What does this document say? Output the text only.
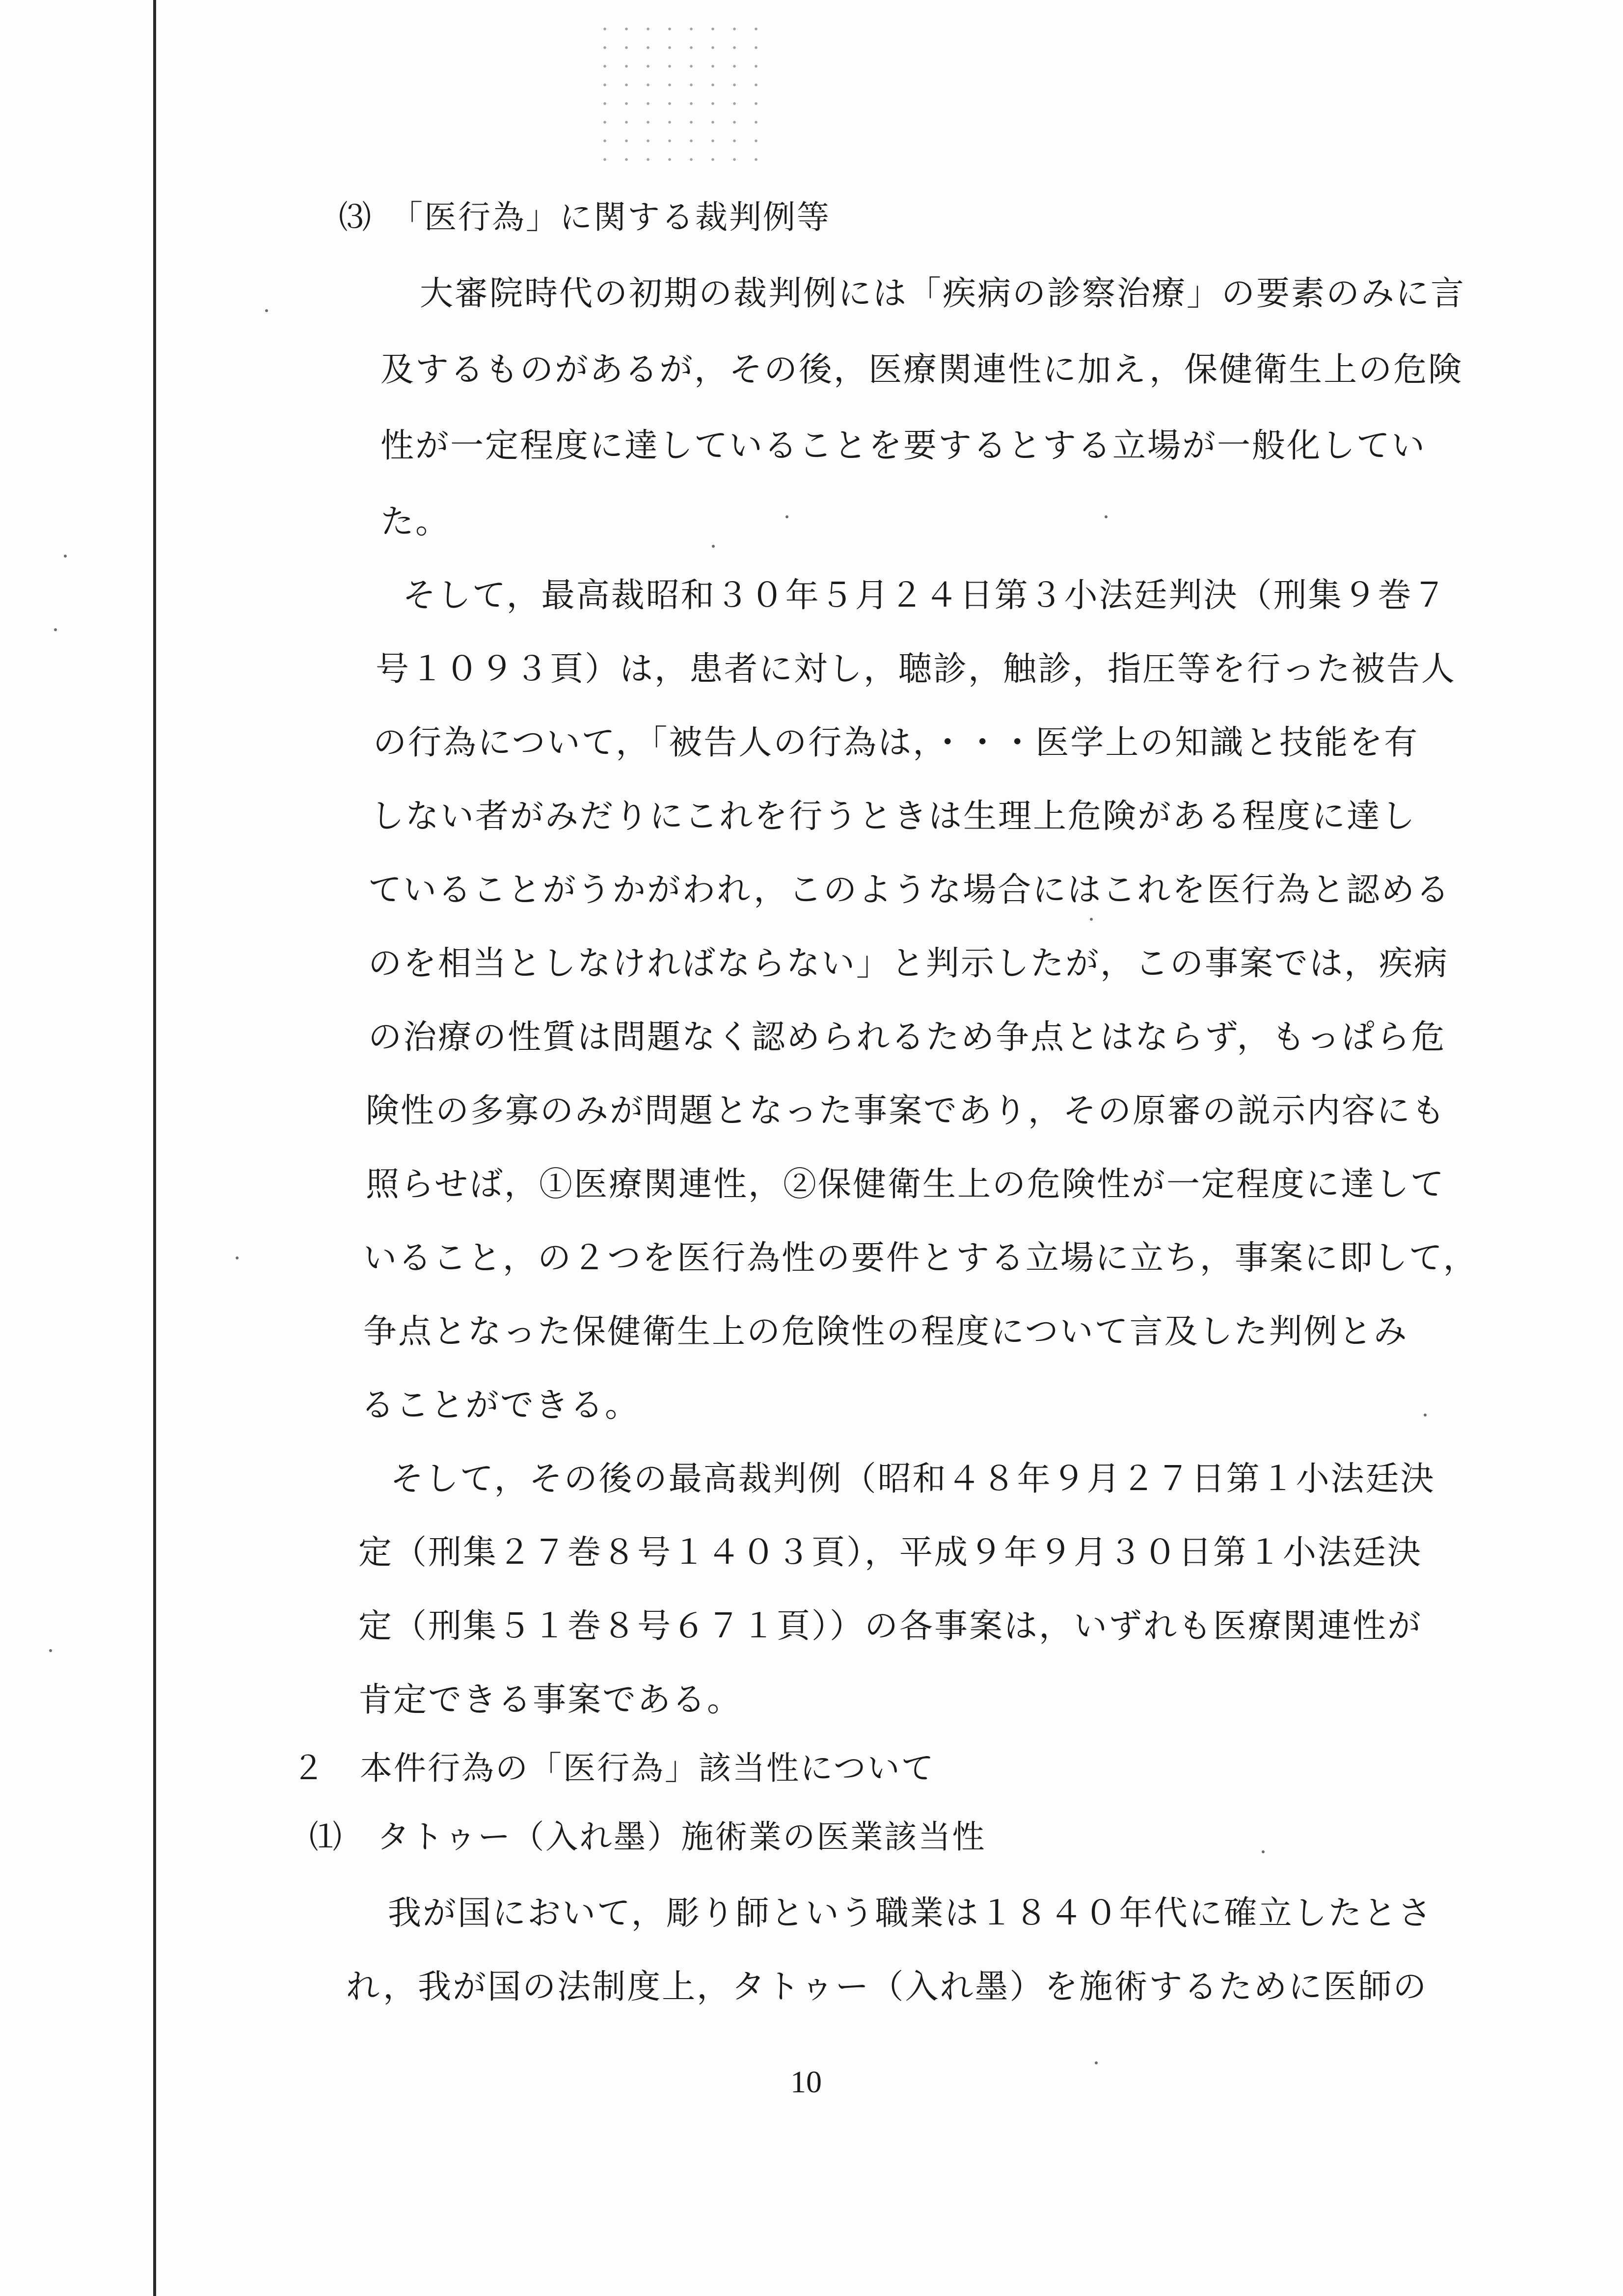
⑶　「医行為」に関する裁判例等
大審院時代の初期の裁判例には「疾病の診察治療」の要素のみに言
及するものがあるが，その後，医療関連性に加え，保健衛生上の危険
性が一定程度に達していることを要するとする立場が一般化してい
た。
そして，最高裁昭和３０年５月２４日第３小法廷判決（刑集９巻７
号１０９３頁）は，患者に対し，聴診，触診，指圧等を行った被告人
の行為について，「被告人の行為は，・・・医学上の知識と技能を有
しない者がみだりにこれを行うときは生理上危険がある程度に達し
ていることがうかがわれ，このような場合にはこれを医行為と認める
のを相当としなければならない」と判示したが，この事案では，疾病
の治療の性質は問題なく認められるため争点とはならず，もっぱら危
険性の多寡のみが問題となった事案であり，その原審の説示内容にも
照らせば，①医療関連性，②保健衛生上の危険性が一定程度に達して
いること，の２つを医行為性の要件とする立場に立ち，事案に即して，
争点となった保健衛生上の危険性の程度について言及した判例とみ
ることができる。
そして，その後の最高裁判例（昭和４８年９月２７日第１小法廷決
定（刑集２７巻８号１４０３頁），平成９年９月３０日第１小法廷決
定（刑集５１巻８号６７１頁））の各事案は，いずれも医療関連性が
肯定できる事案である。
２　本件行為の「医行為」該当性について
⑴　タトゥー（入れ墨）施術業の医業該当性
我が国において，彫り師という職業は１８４０年代に確立したとさ
れ，我が国の法制度上，タトゥー（入れ墨）を施術するために医師の
10
